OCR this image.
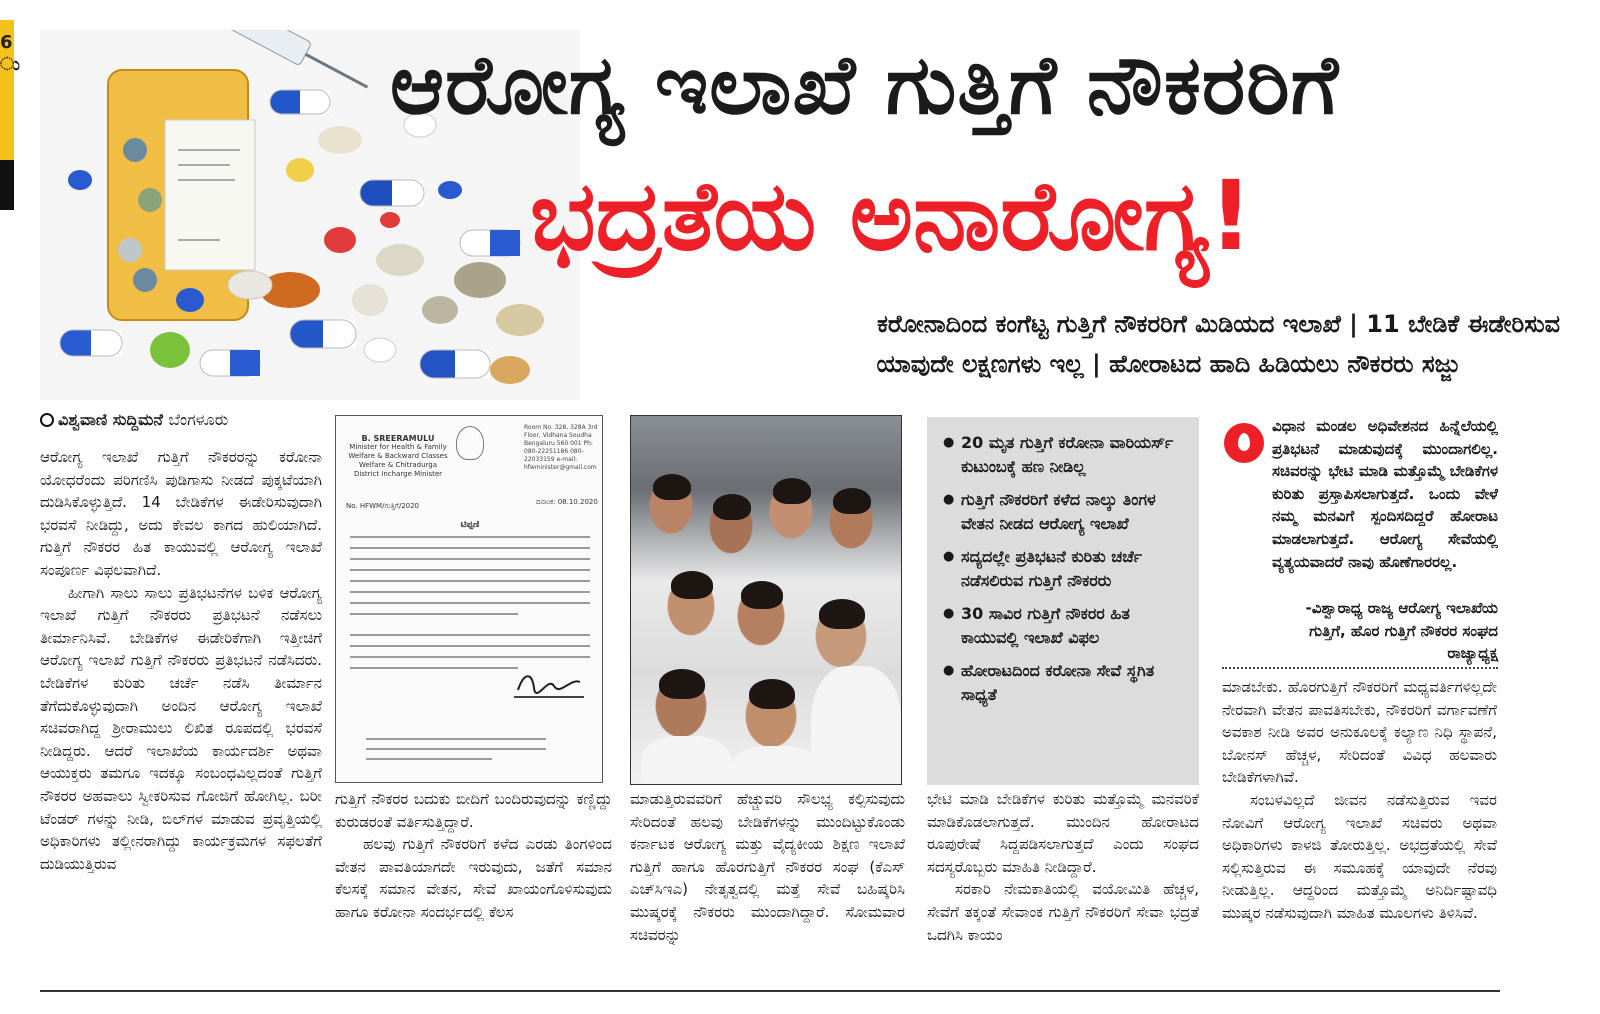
6
ು	ಆರೋಗ್ಯ ಇಲಾಖೆ ಗುತ್ತಿಗೆ ನೌಕರರಿಗೆ
ಭದ್ರತೆಯ ಅನಾರೋಗ್ಯ!
ಕರೋನಾದಿಂದ ಕಂಗೆಟ್ಟ ಗುತ್ತಿಗೆ ನೌಕರರಿಗೆ ಮಿಡಿಯದ ಇಲಾಖೆ | 11 ಬೇಡಿಕೆ ಈಡೇರಿಸುವ
ಯಾವುದೇ ಲಕ್ಷಣಗಳು ಇಲ್ಲ | ಹೋರಾಟದ ಹಾದಿ ಹಿಡಿಯಲು ನೌಕರರು ಸಜ್ಜು
ವಿಶ್ವವಾಣಿ ಸುದ್ದಿಮನೆ ಬೆಂಗಳೂರು

ಆರೋಗ್ಯ ಇಲಾಖೆ ಗುತ್ತಿಗೆ ನೌಕರರನ್ನು ಕರೋನಾ ಯೋಧರೆಂದು ಪರಿಗಣಿಸಿ ಪುಡಿಗಾಸು ನೀಡದೆ ಪುಕ್ಕಟೆಯಾಗಿ ದುಡಿಸಿಕೊಳ್ಳುತ್ತಿದೆ. 14 ಬೇಡಿಕೆಗಳ ಈಡೇರಿಸುವುದಾಗಿ ಭರವಸೆ ನೀಡಿದ್ದು, ಅದು ಕೇವಲ ಕಾಗದ ಹುಲಿಯಾಗಿದೆ. ಗುತ್ತಿಗೆ ನೌಕರರ ಹಿತ ಕಾಯುವಲ್ಲಿ ಆರೋಗ್ಯ ಇಲಾಖೆ ಸಂಪೂರ್ಣ ವಿಫಲವಾಗಿದೆ.

ಹೀಗಾಗಿ ಸಾಲು ಸಾಲು ಪ್ರತಿಭಟನೆಗಳ ಬಳಿಕ ಆರೋಗ್ಯ ಇಲಾಖೆ ಗುತ್ತಿಗೆ ನೌಕರರು ಪ್ರತಿಭಟನೆ ನಡೆಸಲು ತೀರ್ಮಾನಿಸಿವೆ. ಬೇಡಿಕೆಗಳ ಈಡೇರಿಕೆಗಾಗಿ ಇತ್ತೀಚಿಗೆ ಆರೋಗ್ಯ ಇಲಾಖೆ ಗುತ್ತಿಗೆ ನೌಕರರು ಪ್ರತಿಭಟನೆ ನಡೆಸಿದರು. ಬೇಡಿಕೆಗಳ ಕುರಿತು ಚರ್ಚೆ ನಡೆಸಿ ತೀರ್ಮಾನ ತೆಗೆದುಕೊಳ್ಳುವುದಾಗಿ ಅಂದಿನ ಆರೋಗ್ಯ ಇಲಾಖೆ ಸಚಿವರಾಗಿದ್ದ ಶ್ರೀರಾಮುಲು ಲಿಖಿತ ರೂಪದಲ್ಲಿ ಭರವಸೆ ನೀಡಿದ್ದರು. ಆದರೆ ಇಲಾಖೆಯ ಕಾರ್ಯದರ್ಶಿ ಅಥವಾ ಆಯುಕ್ತರು ತಮಗೂ ಇದಕ್ಕೂ ಸಂಬಂಧವಿಲ್ಲದಂತೆ ಗುತ್ತಿಗೆ ನೌಕರರ ಅಹವಾಲು ಸ್ವೀಕರಿಸುವ ಗೋಜಿಗೆ ಹೋಗಿಲ್ಲ. ಬರೀ ಟೆಂಡರ್ ಗಳನ್ನು ನೀಡಿ, ಬಿಲ್‌ಗಳ ಮಾಡುವ ಪ್ರವೃತ್ತಿಯಲ್ಲಿ ಅಧಿಕಾರಿಗಳು ತಲ್ಲೀನರಾಗಿದ್ದು ಕಾರ್ಯಕ್ರಮಗಳ ಸಫಲತೆಗೆ ದುಡಿಯುತ್ತಿರುವ

B. SREERAMULU
Minister for Health & Family Welfare & Backward Classes Welfare & Chitradurga District Incharge Minister
Room No. 328, 328A 3rd Floor, Vidhana Soudha Bengaluru 560 001 Ph: 080-22251186 080-22033159 e-mail: hfwminister@gmail.com
No. HFWM/ಗುತ್ತಿಗೆ/2020	ದಿನಾಂಕ: 08.10.2020
ಟಿಪ್ಪಣಿ

ಗುತ್ತಿಗೆ ನೌಕರರ ಬದುಕು ಬೀದಿಗೆ ಬಂದಿರುವುದನ್ನು ಕಣ್ಣಿದ್ದು ಕುರುಡರಂತೆ ವರ್ತಿಸುತ್ತಿದ್ದಾರೆ.

ಹಲವು ಗುತ್ತಿಗೆ ನೌಕರರಿಗೆ ಕಳೆದ ಎರಡು ತಿಂಗಳಿಂದ ವೇತನ ಪಾವತಿಯಾಗದೇ ಇರುವುದು, ಜತೆಗೆ ಸಮಾನ ಕೆಲಸಕ್ಕೆ ಸಮಾನ ವೇತನ, ಸೇವೆ ಖಾಯಂಗೊಳಿಸುವುದು ಹಾಗೂ ಕರೋನಾ ಸಂದರ್ಭದಲ್ಲಿ ಕೆಲಸ

ಮಾಡುತ್ತಿರುವವರಿಗೆ ಹೆಚ್ಚುವರಿ ಸೌಲಭ್ಯ ಕಲ್ಪಿಸುವುದು ಸೇರಿದಂತೆ ಹಲವು ಬೇಡಿಕೆಗಳನ್ನು ಮುಂದಿಟ್ಟುಕೊಂಡು ಕರ್ನಾಟಕ ಆರೋಗ್ಯ ಮತ್ತು ವೈದ್ಯಕೀಯ ಶಿಕ್ಷಣ ಇಲಾಖೆ ಗುತ್ತಿಗೆ ಹಾಗೂ ಹೊರಗುತ್ತಿಗೆ ನೌಕರರ ಸಂಘ (ಕೆಎಸ್ ಎಚ್‌ಸಿಇಎ) ನೇತೃತ್ವದಲ್ಲಿ ಮತ್ತೆ ಸೇವೆ ಬಹಿಷ್ಕರಿಸಿ ಮುಷ್ಕರಕ್ಕೆ ನೌಕರರು ಮುಂದಾಗಿದ್ದಾರೆ. ಸೋಮವಾರ ಸಚಿವರನ್ನು

● 20 ಮೃತ ಗುತ್ತಿಗೆ ಕರೋನಾ ವಾರಿಯರ್ಸ್ ಕುಟುಂಬಕ್ಕೆ ಹಣ ನೀಡಿಲ್ಲ
● ಗುತ್ತಿಗೆ ನೌಕರರಿಗೆ ಕಳೆದ ನಾಲ್ಕು ತಿಂಗಳ ವೇತನ ನೀಡದ ಆರೋಗ್ಯ ಇಲಾಖೆ
● ಸದ್ಯದಲ್ಲೇ ಪ್ರತಿಭಟನೆ ಕುರಿತು ಚರ್ಚೆ ನಡೆಸಲಿರುವ ಗುತ್ತಿಗೆ ನೌಕರರು
● 30 ಸಾವಿರ ಗುತ್ತಿಗೆ ನೌಕರರ ಹಿತ ಕಾಯುವಲ್ಲಿ ಇಲಾಖೆ ವಿಫಲ
● ಹೋರಾಟದಿಂದ ಕರೋನಾ ಸೇವೆ ಸ್ಥಗಿತ ಸಾಧ್ಯತೆ

ಭೇಟಿ ಮಾಡಿ ಬೇಡಿಕೆಗಳ ಕುರಿತು ಮತ್ತೊಮ್ಮೆ ಮನವರಿಕೆ ಮಾಡಿಕೊಡಲಾಗುತ್ತದೆ. ಮುಂದಿನ ಹೋರಾಟದ ರೂಪುರೇಷೆ ಸಿದ್ದಪಡಿಸಲಾಗುತ್ತದೆ ಎಂದು ಸಂಘದ ಸದಸ್ಯರೊಬ್ಬರು ಮಾಹಿತಿ ನೀಡಿದ್ದಾರೆ.

ಸರಕಾರಿ ನೇಮಕಾತಿಯಲ್ಲಿ ವಯೋಮಿತಿ ಹೆಚ್ಚಳ, ಸೇವೆಗೆ ತಕ್ಕಂತೆ ಸೇವಾಂಕ ಗುತ್ತಿಗೆ ನೌಕರರಿಗೆ ಸೇವಾ ಭದ್ರತೆ ಒದಗಿಸಿ ಕಾಯಂ

ವಿಧಾನ ಮಂಡಲ ಅಧಿವೇಶನದ ಹಿನ್ನೆಲೆಯಲ್ಲಿ ಪ್ರತಿಭಟನೆ ಮಾಡುವುದಕ್ಕೆ ಮುಂದಾಗಲಿಲ್ಲ. ಸಚಿವರನ್ನು ಭೇಟಿ ಮಾಡಿ ಮತ್ತೊಮ್ಮೆ ಬೇಡಿಕೆಗಳ ಕುರಿತು ಪ್ರಸ್ತಾಪಿಸಲಾಗುತ್ತದೆ. ಒಂದು ವೇಳೆ ನಮ್ಮ ಮನವಿಗೆ ಸ್ಪಂದಿಸದಿದ್ದರೆ ಹೋರಾಟ ಮಾಡಲಾಗುತ್ತದೆ. ಆರೋಗ್ಯ ಸೇವೆಯಲ್ಲಿ ವ್ಯತ್ಯಯವಾದರೆ ನಾವು ಹೊಣೆಗಾರರಲ್ಲ.
-ವಿಶ್ವಾರಾಧ್ಯ ರಾಜ್ಯ ಆರೋಗ್ಯ ಇಲಾಖೆಯ ಗುತ್ತಿಗೆ, ಹೊರ ಗುತ್ತಿಗೆ ನೌಕರರ ಸಂಘದ ರಾಜ್ಯಾಧ್ಯಕ್ಷ

ಮಾಡಬೇಕು. ಹೊರಗುತ್ತಿಗೆ ನೌಕರರಿಗೆ ಮಧ್ಯವರ್ತಿಗಳಿಲ್ಲದೇ ನೇರವಾಗಿ ವೇತನ ಪಾವತಿಸಬೇಕು, ನೌಕರರಿಗೆ ವರ್ಗಾವಣೆಗೆ ಅವಕಾಶ ನೀಡಿ ಅವರ ಅನುಕೂಲಕ್ಕೆ ಕಲ್ಯಾಣ ನಿಧಿ ಸ್ಥಾಪನೆ, ಬೋನಸ್ ಹೆಚ್ಚಳ, ಸೇರಿದಂತೆ ವಿವಿಧ ಹಲವಾರು ಬೇಡಿಕೆಗಳಾಗಿವೆ.

ಸಂಬಳವಿಲ್ಲದೆ ಜೀವನ ನಡೆಸುತ್ತಿರುವ ಇವರ ನೋವಿಗೆ ಆರೋಗ್ಯ ಇಲಾಖೆ ಸಚಿವರು ಅಥವಾ ಅಧಿಕಾರಿಗಳು ಕಾಳಜಿ ತೋರುತ್ತಿಲ್ಲ. ಅಭದ್ರತೆಯಲ್ಲಿ ಸೇವೆ ಸಲ್ಲಿಸುತ್ತಿರುವ ಈ ಸಮೂಹಕ್ಕೆ ಯಾವುದೇ ನೆರವು ನೀಡುತ್ತಿಲ್ಲ. ಆದ್ದರಿಂದ ಮತ್ತೊಮ್ಮೆ ಅನಿರ್ದಿಷ್ಟಾವಧಿ ಮುಷ್ಕರ ನಡೆಸುವುದಾಗಿ ಮಾಹಿತ ಮೂಲಗಳು ತಿಳಿಸಿವೆ.
